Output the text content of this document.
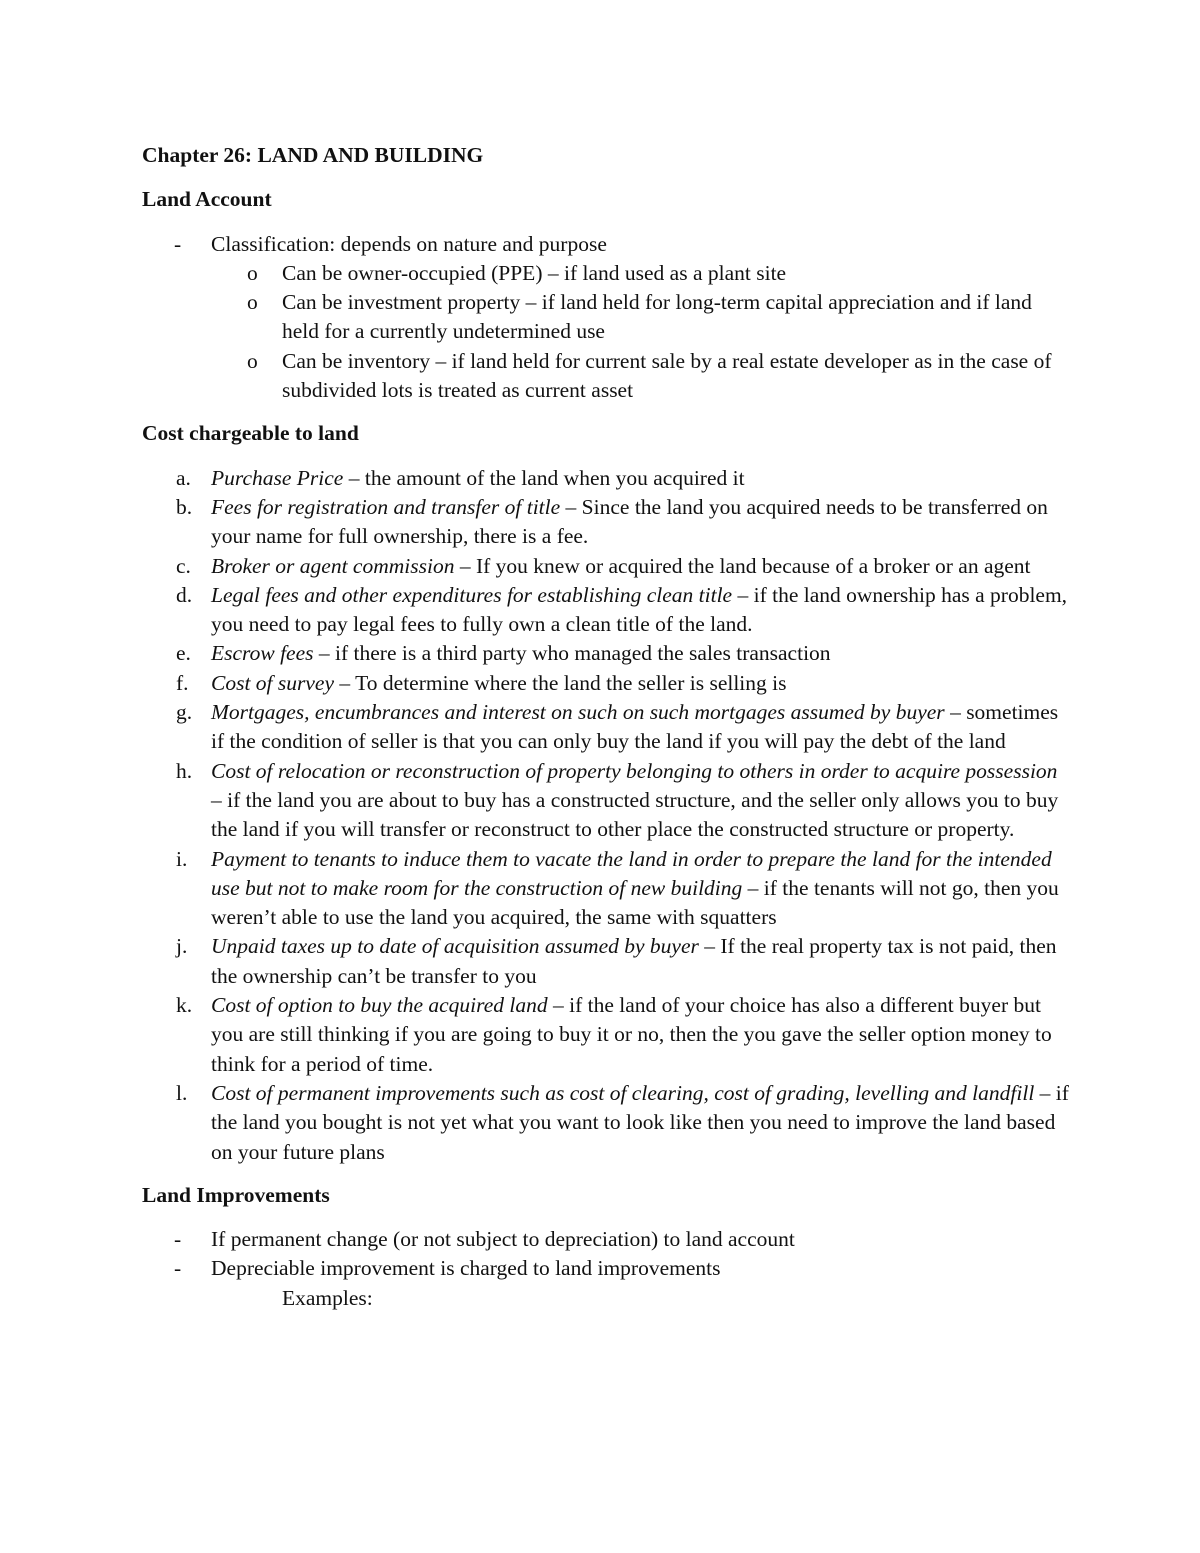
Chapter 26: LAND AND BUILDING

Land Account

- Classification: depends on nature and purpose
o Can be owner-occupied (PPE) – if land used as a plant site
o Can be investment property – if land held for long-term capital appreciation and if land held for a currently undetermined use
o Can be inventory – if land held for current sale by a real estate developer as in the case of subdivided lots is treated as current asset

Cost chargeable to land

a. Purchase Price – the amount of the land when you acquired it
b. Fees for registration and transfer of title – Since the land you acquired needs to be transferred on your name for full ownership, there is a fee.
c. Broker or agent commission – If you knew or acquired the land because of a broker or an agent
d. Legal fees and other expenditures for establishing clean title – if the land ownership has a problem, you need to pay legal fees to fully own a clean title of the land.
e. Escrow fees – if there is a third party who managed the sales transaction
f. Cost of survey – To determine where the land the seller is selling is
g. Mortgages, encumbrances and interest on such on such mortgages assumed by buyer – sometimes if the condition of seller is that you can only buy the land if you will pay the debt of the land
h. Cost of relocation or reconstruction of property belonging to others in order to acquire possession – if the land you are about to buy has a constructed structure, and the seller only allows you to buy the land if you will transfer or reconstruct to other place the constructed structure or property.
i. Payment to tenants to induce them to vacate the land in order to prepare the land for the intended use but not to make room for the construction of new building – if the tenants will not go, then you weren’t able to use the land you acquired, the same with squatters
j. Unpaid taxes up to date of acquisition assumed by buyer – If the real property tax is not paid, then the ownership can’t be transfer to you
k. Cost of option to buy the acquired land – if the land of your choice has also a different buyer but you are still thinking if you are going to buy it or no, then the you gave the seller option money to think for a period of time.
l. Cost of permanent improvements such as cost of clearing, cost of grading, levelling and landfill – if the land you bought is not yet what you want to look like then you need to improve the land based on your future plans

Land Improvements

- If permanent change (or not subject to depreciation) to land account
- Depreciable improvement is charged to land improvements
Examples:
